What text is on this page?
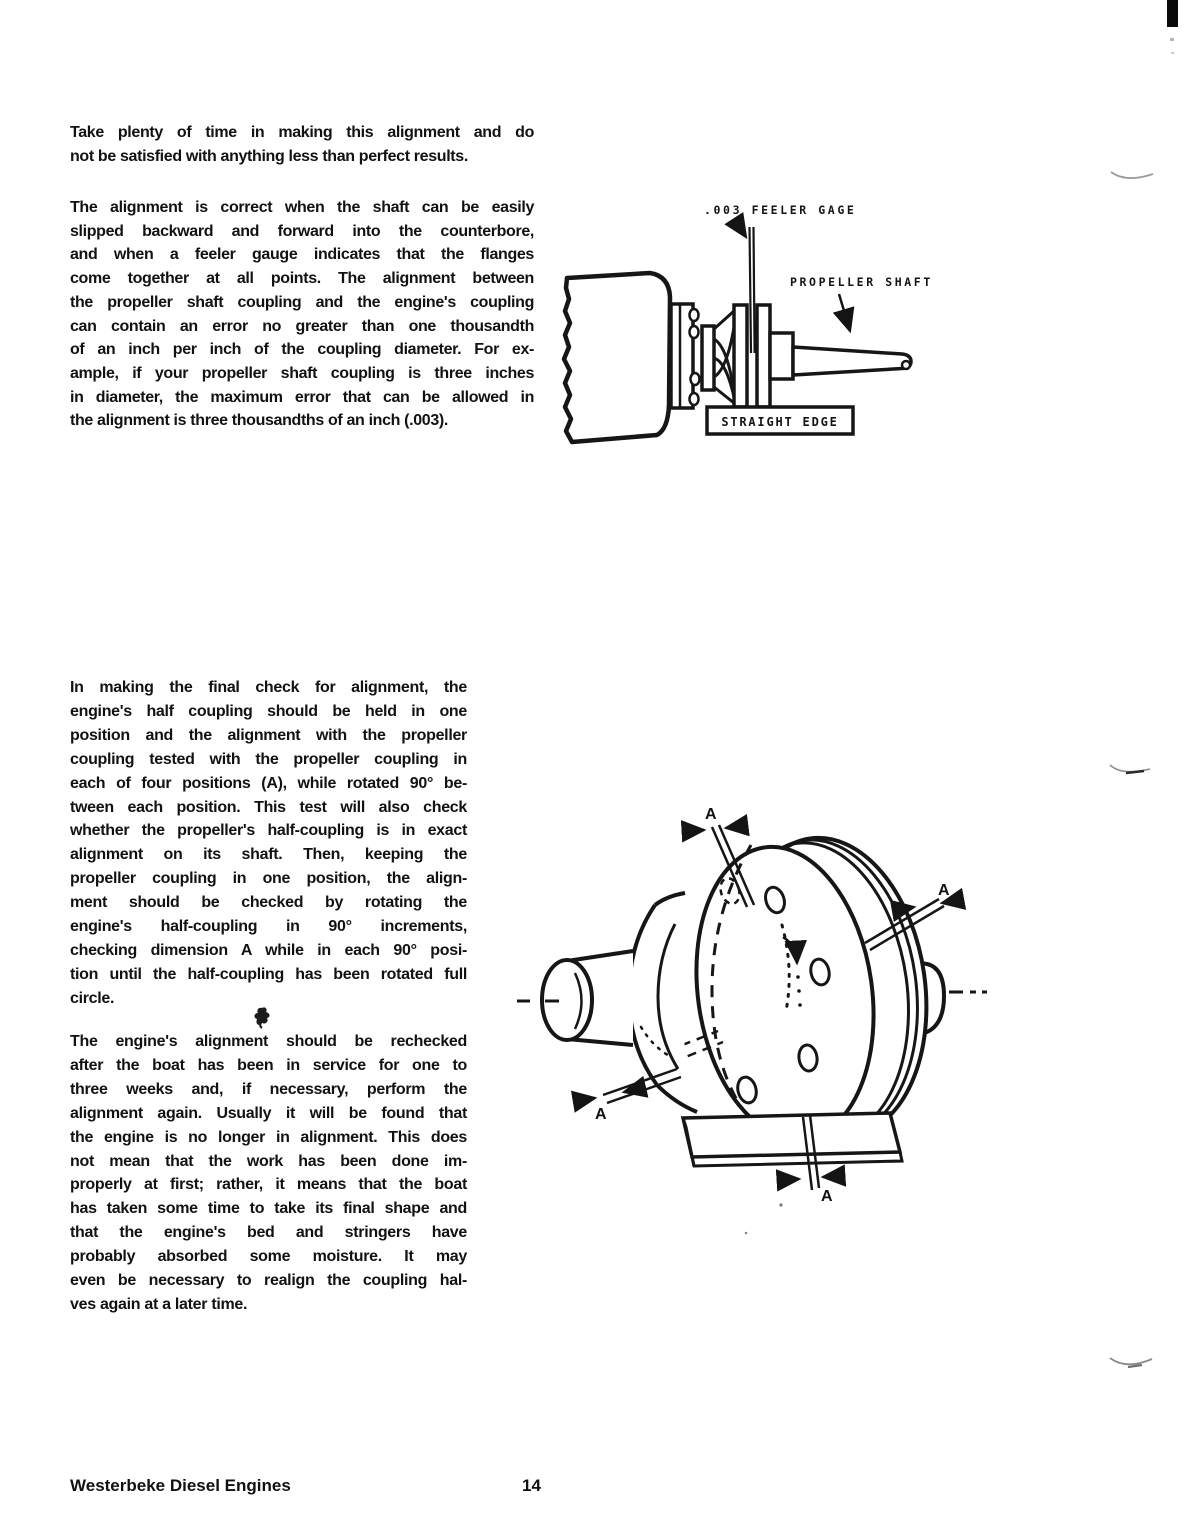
Take plenty of time in making this alignment and do
not be satisfied with anything less than perfect results.
The alignment is correct when the shaft can be easily
slipped backward and forward into the counterbore,
and when a feeler gauge indicates that the flanges
come together at all points. The alignment between
the propeller shaft coupling and the engine's coupling
can contain an error no greater than one thousandth
of an inch per inch of the coupling diameter. For ex-
ample, if your propeller shaft coupling is three inches
in diameter, the maximum error that can be allowed in
the alignment is three thousandths of an inch (.003).
In making the final check for alignment, the
engine's half coupling should be held in one
position and the alignment with the propeller
coupling tested with the propeller coupling in
each of four positions (A), while rotated 90° be-
tween each position. This test will also check
whether the propeller's half-coupling is in exact
alignment on its shaft. Then, keeping the
propeller coupling in one position, the align-
ment should be checked by rotating the
engine's half-coupling in 90° increments,
checking dimension A while in each 90° posi-
tion until the half-coupling has been rotated full
circle.
The engine's alignment should be rechecked
after the boat has been in service for one to
three weeks and, if necessary, perform the
alignment again. Usually it will be found that
the engine is no longer in alignment. This does
not mean that the work has been done im-
properly at first; rather, it means that the boat
has taken some time to take its final shape and
that the engine's bed and stringers have
probably absorbed some moisture. It may
even be necessary to realign the coupling hal-
ves again at a later time.
.003 FEELER GAGE
PROPELLER SHAFT
STRAIGHT EDGE
A
A
A
A
Westerbeke Diesel Engines	14
